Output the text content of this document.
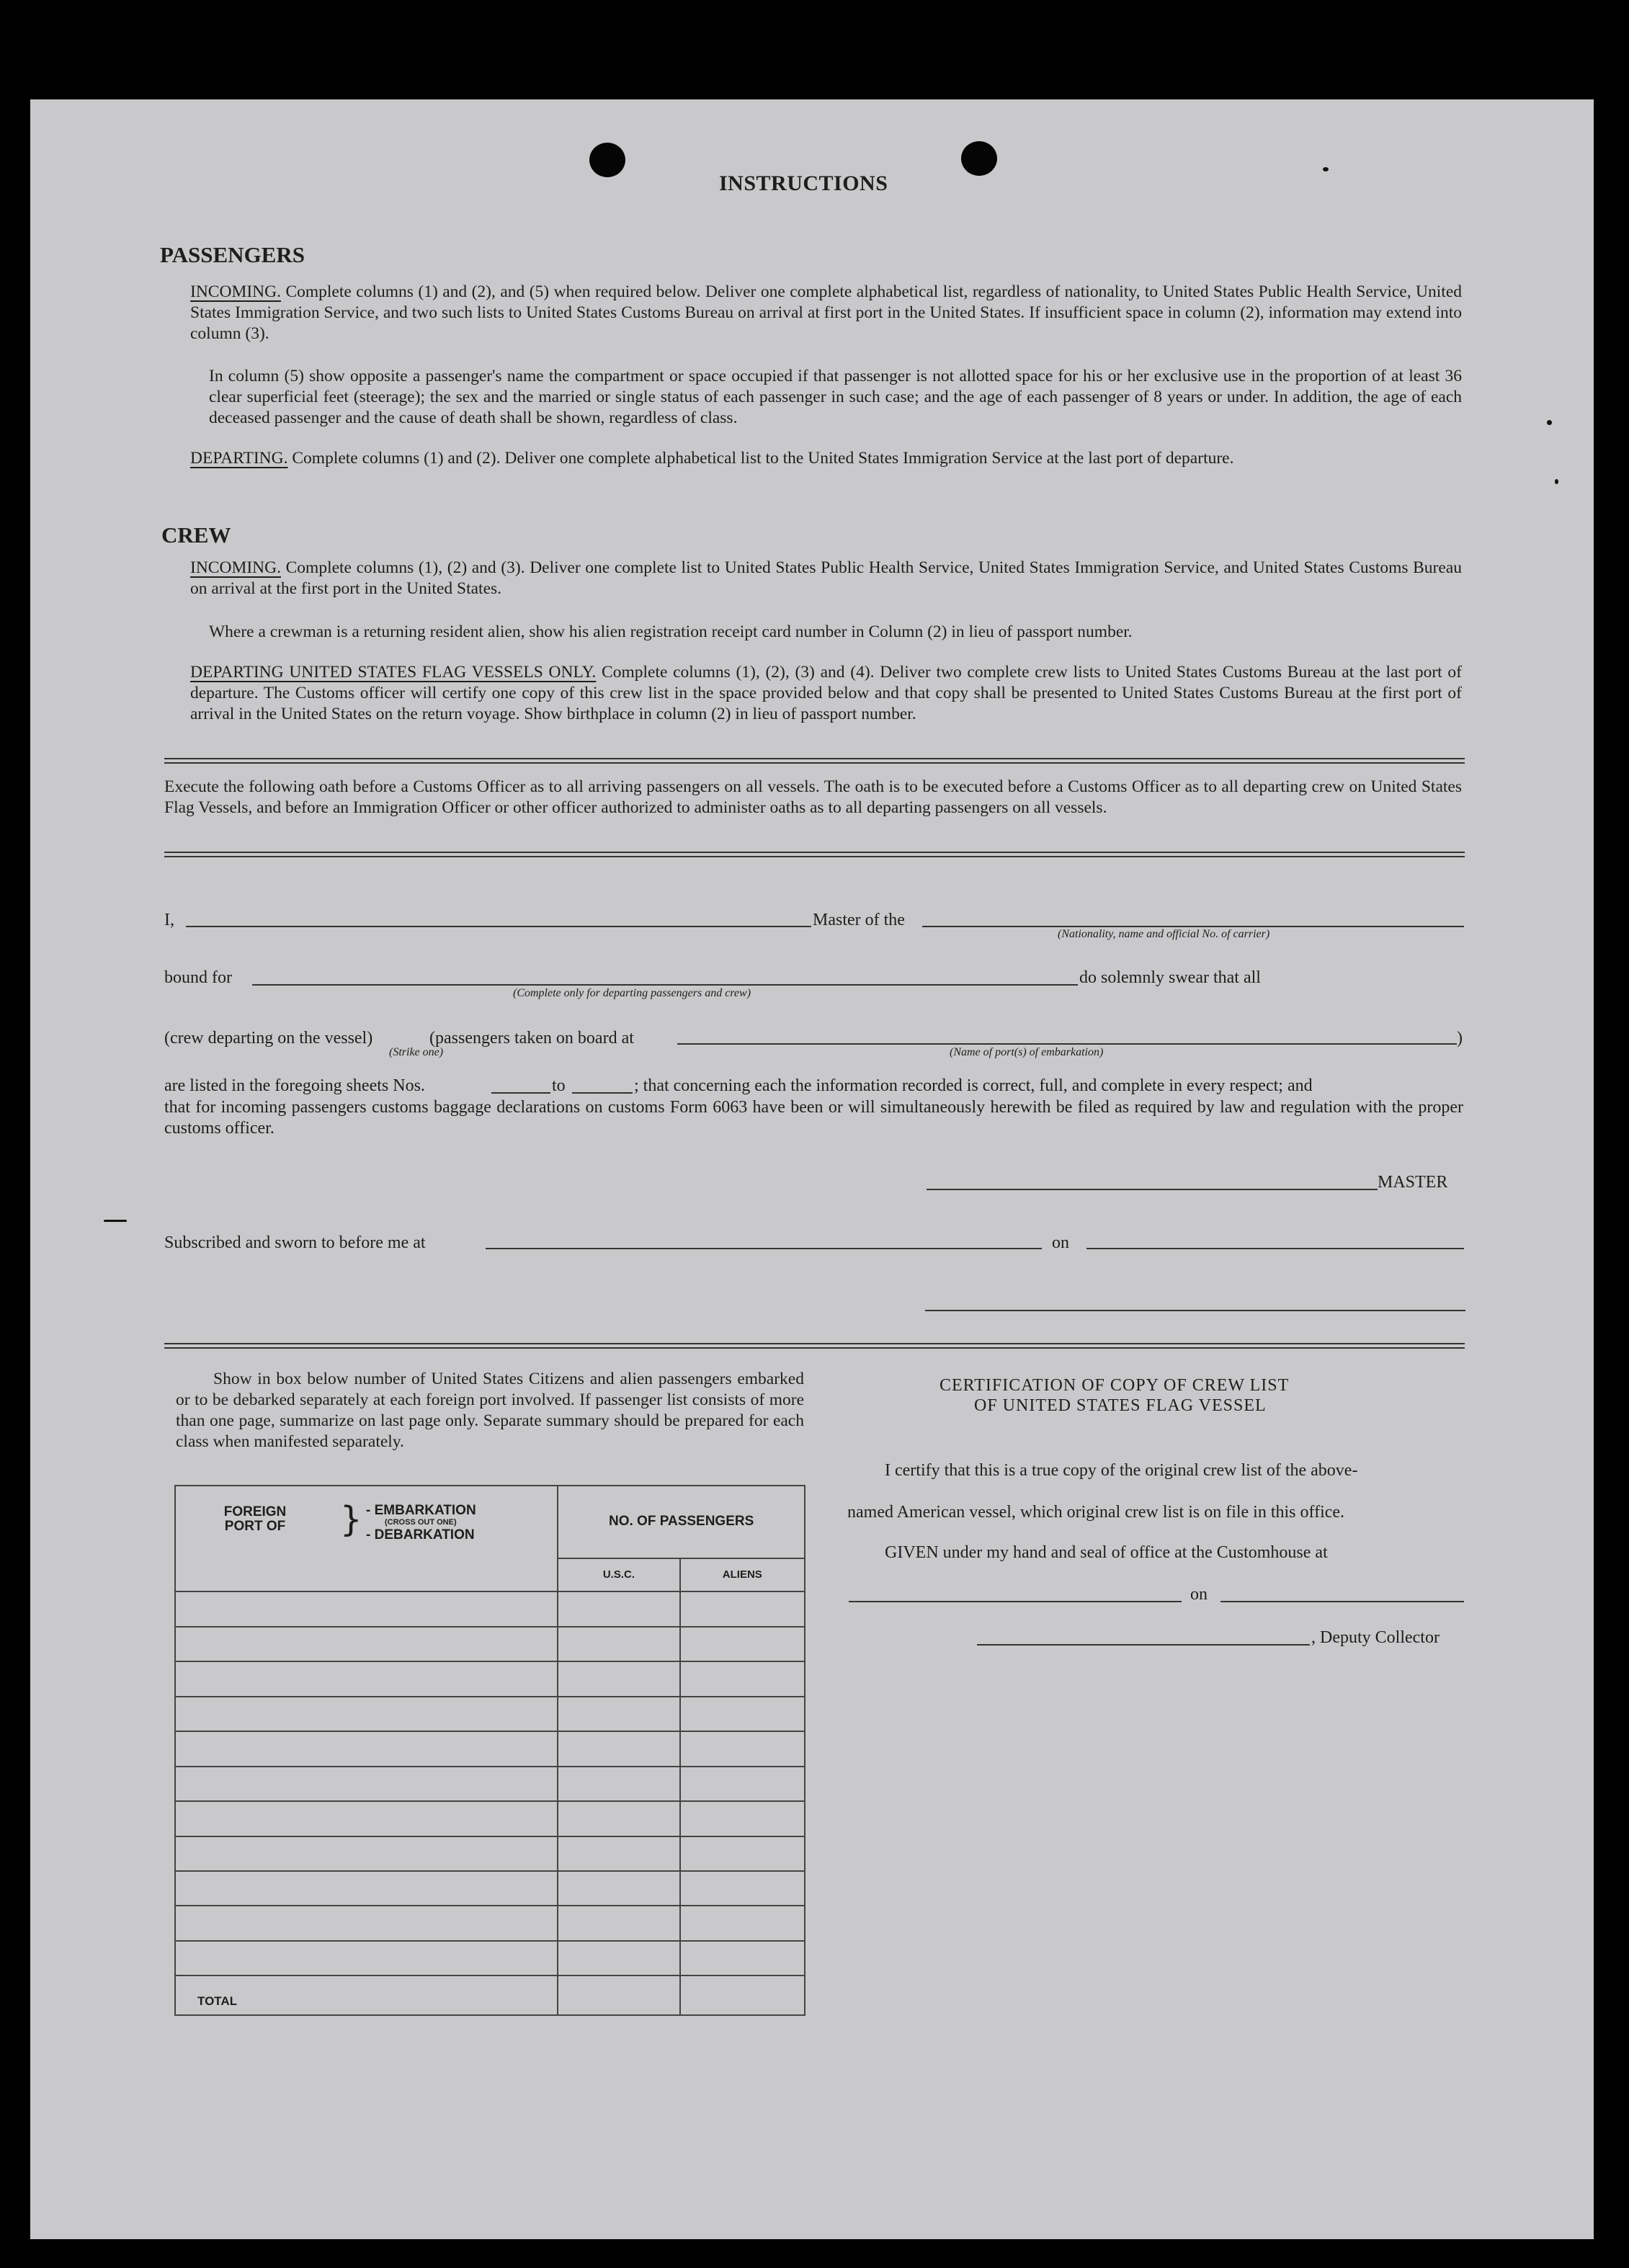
INSTRUCTIONS
PASSENGERS
INCOMING. Complete columns (1) and (2), and (5) when required below. Deliver one complete alphabetical list, regardless of nationality, to United States Public Health Service, United States Immigration Service, and two such lists to United States Customs Bureau on arrival at first port in the United States. If insufficient space in column (2), information may extend into column (3).
In column (5) show opposite a passenger's name the compartment or space occupied if that passenger is not allotted space for his or her exclusive use in the proportion of at least 36 clear superficial feet (steerage); the sex and the married or single status of each passenger in such case; and the age of each passenger of 8 years or under. In addition, the age of each deceased passenger and the cause of death shall be shown, regardless of class.
DEPARTING. Complete columns (1) and (2). Deliver one complete alphabetical list to the United States Immigration Service at the last port of departure.
CREW
INCOMING. Complete columns (1), (2) and (3). Deliver one complete list to United States Public Health Service, United States Immigration Service, and United States Customs Bureau on arrival at the first port in the United States.
Where a crewman is a returning resident alien, show his alien registration receipt card number in Column (2) in lieu of passport number.
DEPARTING UNITED STATES FLAG VESSELS ONLY. Complete columns (1), (2), (3) and (4). Deliver two complete crew lists to United States Customs Bureau at the last port of departure. The Customs officer will certify one copy of this crew list in the space provided below and that copy shall be presented to United States Customs Bureau at the first port of arrival in the United States on the return voyage. Show birthplace in column (2) in lieu of passport number.
Execute the following oath before a Customs Officer as to all arriving passengers on all vessels. The oath is to be executed before a Customs Officer as to all departing crew on United States Flag Vessels, and before an Immigration Officer or other officer authorized to administer oaths as to all departing passengers on all vessels.
I,	Master of the
(Nationality, name and official No. of carrier)
bound for
(Complete only for departing passengers and crew)
do solemnly swear that all
(crew departing on the vessel)	(passengers taken on board at
(Strike one)	(Name of port(s) of embarkation)
)
are listed in the foregoing sheets Nos.	to	; that concerning each the information recorded is correct, full, and complete in every respect; and
that for incoming passengers customs baggage declarations on customs Form 6063 have been or will simultaneously herewith be filed as required by law and regulation with the proper customs officer.
MASTER
Subscribed and sworn to before me at	on
Show in box below number of United States Citizens and alien passengers embarked or to be debarked separately at each foreign port involved. If passenger list consists of more than one page, summarize on last page only. Separate summary should be prepared for each class when manifested separately.
FOREIGN PORT OF } - EMBARKATION
(CROSS OUT ONE)
- DEBARKATION	NO. OF PASSENGERS	
	U.S.C.	ALIENS

TOTAL		
CERTIFICATION OF COPY OF CREW LIST
OF UNITED STATES FLAG VESSEL
I certify that this is a true copy of the original crew list of the above-
named American vessel, which original crew list is on file in this office.
GIVEN under my hand and seal of office at the Customhouse at
on
, Deputy Collector
